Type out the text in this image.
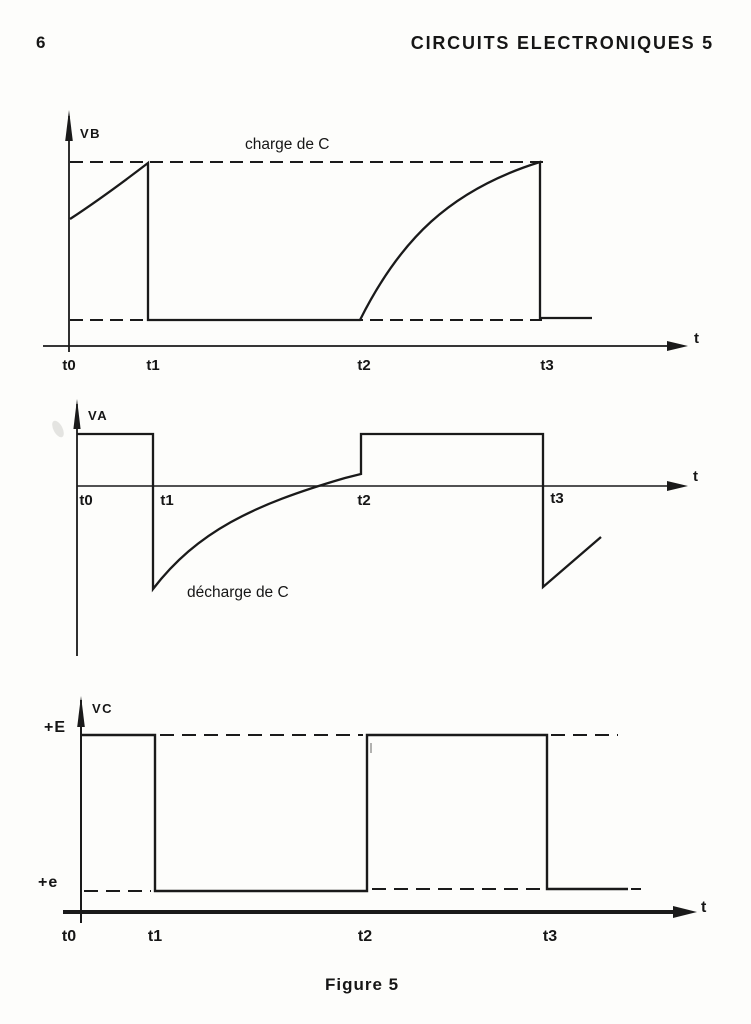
6	CIRCUITS ELECTRONIQUES 5
VB
charge de C
t0	t1	t2	t3
t
VA
décharge de C
t0	t1	t2	t3
t
VC
+E
+e
t0	t1	t2	t3
t
Figure 5
